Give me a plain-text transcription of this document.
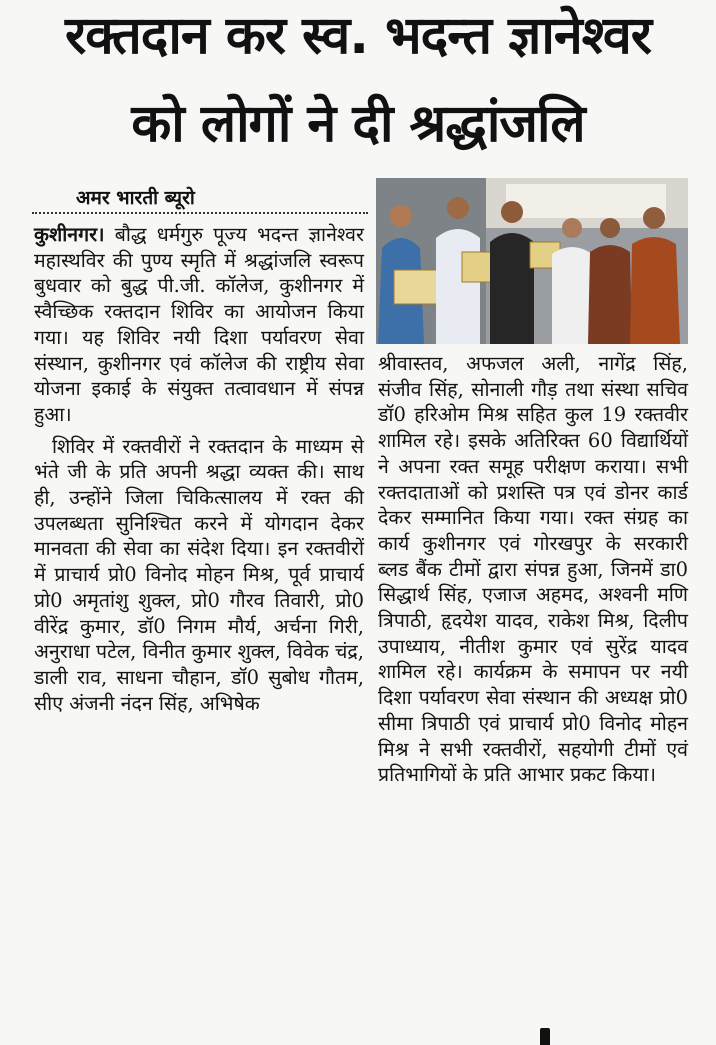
रक्तदान कर स्व. भदन्त ज्ञानेश्वर
को लोगों ने दी श्रद्धांजलि
अमर भारती ब्यूरो

कुशीनगर। बौद्ध धर्मगुरु पूज्य भदन्त ज्ञानेश्वर महास्थविर की पुण्य स्मृति में श्रद्धांजलि स्वरूप बुधवार को बुद्ध पी.जी. कॉलेज, कुशीनगर में स्वैच्छिक रक्तदान शिविर का आयोजन किया गया। यह शिविर नयी दिशा पर्यावरण सेवा संस्थान, कुशीनगर एवं कॉलेज की राष्ट्रीय सेवा योजना इकाई के संयुक्त तत्वावधान में संपन्न हुआ।

शिविर में रक्तवीरों ने रक्तदान के माध्यम से भंते जी के प्रति अपनी श्रद्धा व्यक्त की। साथ ही, उन्होंने जिला चिकित्सालय में रक्त की उपलब्धता सुनिश्चित करने में योगदान देकर मानवता की सेवा का संदेश दिया। इन रक्तवीरों में प्राचार्य प्रो0 विनोद मोहन मिश्र, पूर्व प्राचार्य प्रो0 अमृतांशु शुक्ल, प्रो0 गौरव तिवारी, प्रो0 वीरेंद्र कुमार, डॉ0 निगम मौर्य, अर्चना गिरी, अनुराधा पटेल, विनीत कुमार शुक्ल, विवेक चंद्र, डाली राव, साधना चौहान, डॉ0 सुबोध गौतम, सीए अंजनी नंदन सिंह, अभिषेक

श्रीवास्तव, अफजल अली, नागेंद्र सिंह, संजीव सिंह, सोनाली गौड़ तथा संस्था सचिव डॉ0 हरिओम मिश्र सहित कुल 19 रक्तवीर शामिल रहे। इसके अतिरिक्त 60 विद्यार्थियों ने अपना रक्त समूह परीक्षण कराया। सभी रक्तदाताओं को प्रशस्ति पत्र एवं डोनर कार्ड देकर सम्मानित किया गया। रक्त संग्रह का कार्य कुशीनगर एवं गोरखपुर के सरकारी ब्लड बैंक टीमों द्वारा संपन्न हुआ, जिनमें डा0 सिद्धार्थ सिंह, एजाज अहमद, अश्वनी मणि त्रिपाठी, हृदयेश यादव, राकेश मिश्र, दिलीप उपाध्याय, नीतीश कुमार एवं सुरेंद्र यादव शामिल रहे। कार्यक्रम के समापन पर नयी दिशा पर्यावरण सेवा संस्थान की अध्यक्ष प्रो0 सीमा त्रिपाठी एवं प्राचार्य प्रो0 विनोद मोहन मिश्र ने सभी रक्तवीरों, सहयोगी टीमों एवं प्रतिभागियों के प्रति आभार प्रकट किया।
